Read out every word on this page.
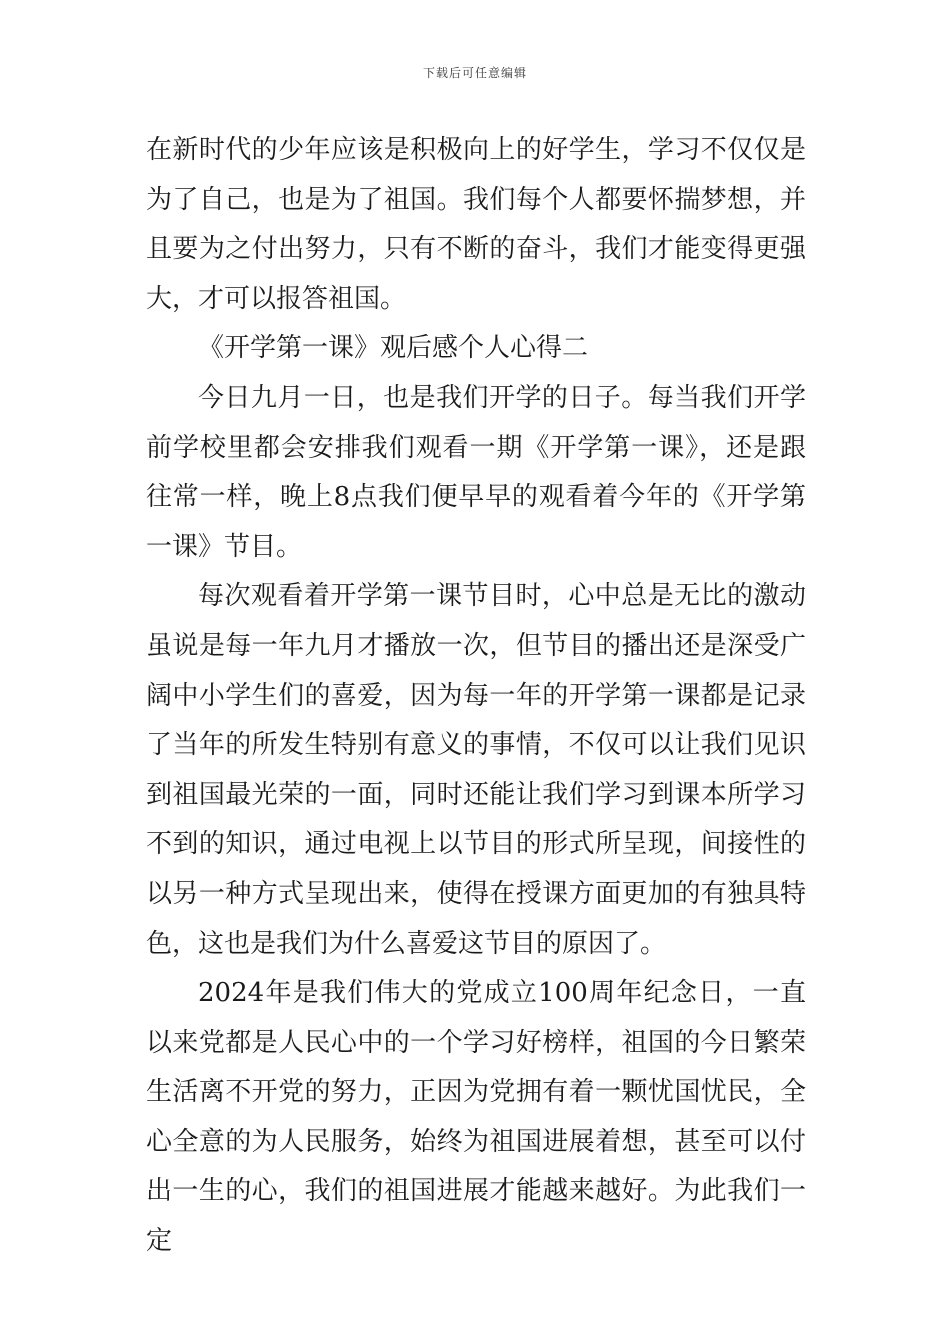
下载后可任意编辑

在新时代的少年应该是积极向上的好学生，学习不仅仅是为了自己，也是为了祖国。我们每个人都要怀揣梦想，并且要为之付出努力，只有不断的奋斗，我们才能变得更强大，才可以报答祖国。

《开学第一课》观后感个人心得二

今日九月一日，也是我们开学的日子。每当我们开学前学校里都会安排我们观看一期《开学第一课》，还是跟往常一样，晚上8点我们便早早的观看着今年的《开学第一课》节目。

每次观看着开学第一课节目时，心中总是无比的激动虽说是每一年九月才播放一次，但节目的播出还是深受广阔中小学生们的喜爱，因为每一年的开学第一课都是记录了当年的所发生特别有意义的事情，不仅可以让我们见识到祖国最光荣的一面，同时还能让我们学习到课本所学习不到的知识，通过电视上以节目的形式所呈现，间接性的以另一种方式呈现出来，使得在授课方面更加的有独具特色，这也是我们为什么喜爱这节目的原因了。

2024年是我们伟大的党成立100周年纪念日，一直以来党都是人民心中的一个学习好榜样，祖国的今日繁荣生活离不开党的努力，正因为党拥有着一颗忧国忧民，全心全意的为人民服务，始终为祖国进展着想，甚至可以付出一生的心，我们的祖国进展才能越来越好。为此我们一定
